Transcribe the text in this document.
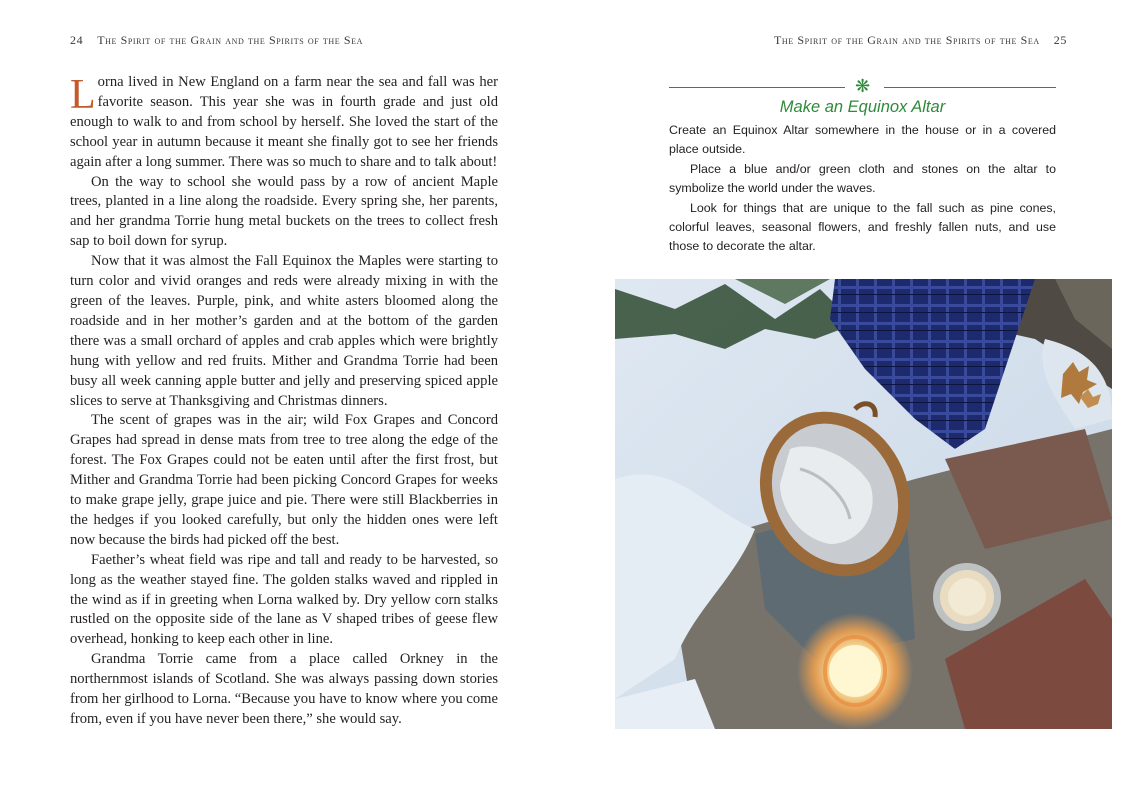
24 The Spirit of the Grain and the Spirits of the Sea

Lorna lived in New England on a farm near the sea and fall was her favorite season. This year she was in fourth grade and just old enough to walk to and from school by herself. She loved the start of the school year in autumn because it meant she finally got to see her friends again after a long summer. There was so much to share and to talk about!

On the way to school she would pass by a row of ancient Maple trees, planted in a line along the roadside. Every spring she, her parents, and her grandma Torrie hung metal buckets on the trees to collect fresh sap to boil down for syrup.

Now that it was almost the Fall Equinox the Maples were starting to turn color and vivid oranges and reds were already mixing in with the green of the leaves. Purple, pink, and white asters bloomed along the roadside and in her mother’s garden and at the bottom of the garden there was a small orchard of apples and crab apples which were brightly hung with yellow and red fruits. Mither and Grandma Torrie had been busy all week canning apple butter and jelly and preserving spiced apple slices to serve at Thanksgiving and Christmas dinners.

The scent of grapes was in the air; wild Fox Grapes and Concord Grapes had spread in dense mats from tree to tree along the edge of the forest. The Fox Grapes could not be eaten until after the first frost, but Mither and Grandma Torrie had been picking Concord Grapes for weeks to make grape jelly, grape juice and pie. There were still Blackberries in the hedges if you looked carefully, but only the hidden ones were left now because the birds had picked off the best.

Faether’s wheat field was ripe and tall and ready to be harvested, so long as the weather stayed fine. The golden stalks waved and rippled in the wind as if in greeting when Lorna walked by. Dry yellow corn stalks rustled on the opposite side of the lane as V shaped tribes of geese flew overhead, honking to keep each other in line.

Grandma Torrie came from a place called Orkney in the northernmost islands of Scotland. She was always passing down stories from her girlhood to Lorna. “Because you have to know where you come from, even if you have never been there,” she would say.

The Spirit of the Grain and the Spirits of the Sea 25
❋
Make an Equinox Altar

Create an Equinox Altar somewhere in the house or in a covered place outside.

Place a blue and/or green cloth and stones on the altar to symbolize the world under the waves.

Look for things that are unique to the fall such as pine cones, colorful leaves, seasonal flowers, and freshly fallen nuts, and use those to decorate the altar.
